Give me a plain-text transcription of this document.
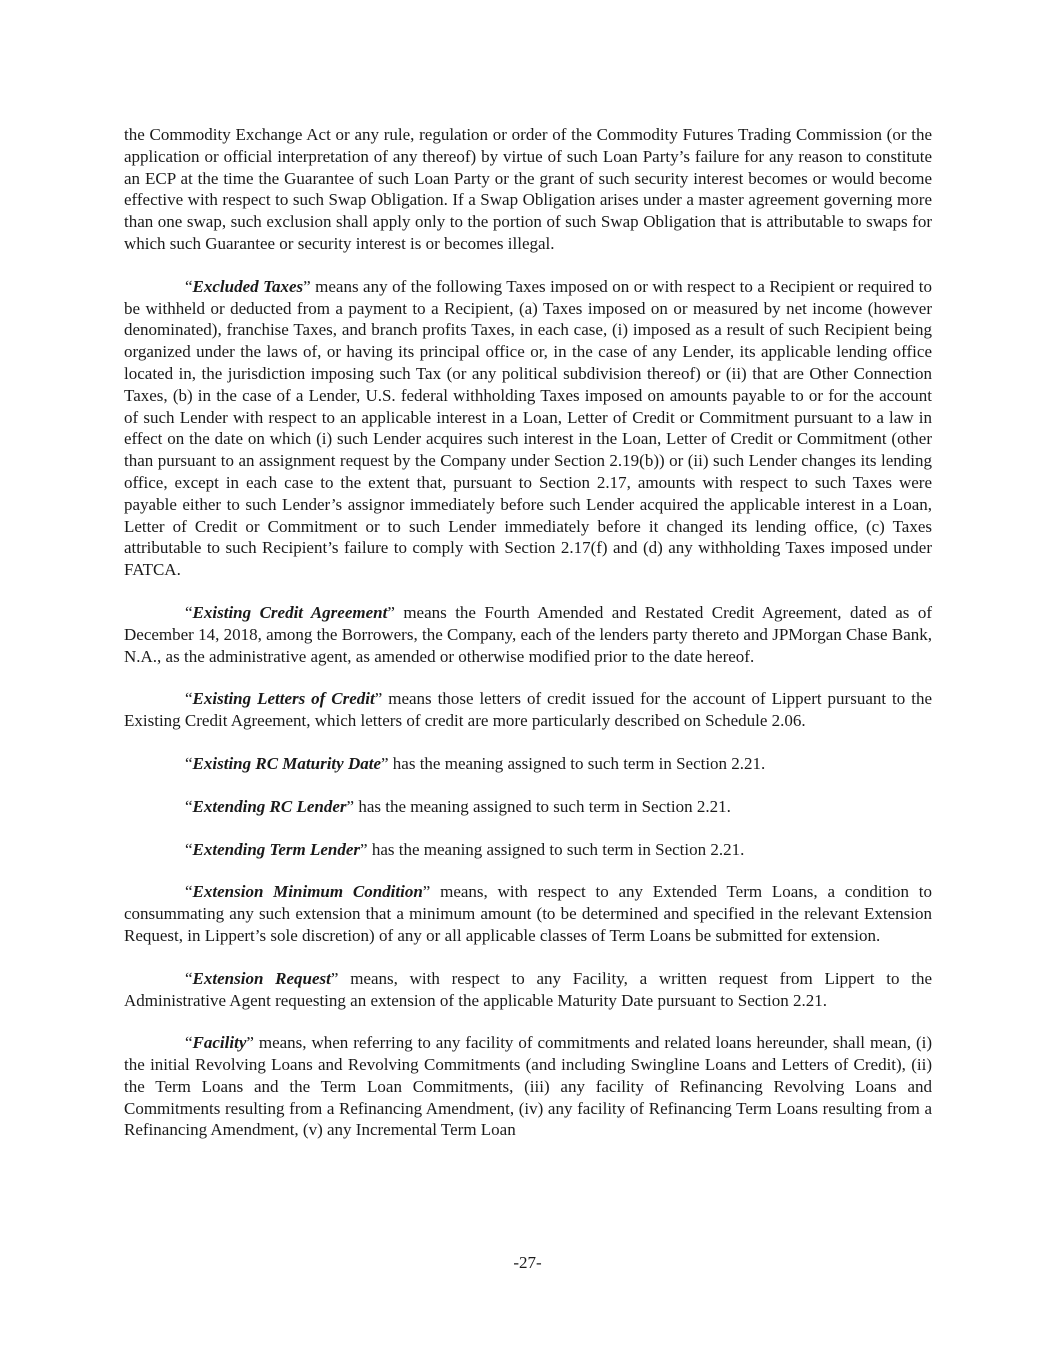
the Commodity Exchange Act or any rule, regulation or order of the Commodity Futures Trading Commission (or the application or official interpretation of any thereof) by virtue of such Loan Party’s failure for any reason to constitute an ECP at the time the Guarantee of such Loan Party or the grant of such security interest becomes or would become effective with respect to such Swap Obligation. If a Swap Obligation arises under a master agreement governing more than one swap, such exclusion shall apply only to the portion of such Swap Obligation that is attributable to swaps for which such Guarantee or security interest is or becomes illegal.

“Excluded Taxes” means any of the following Taxes imposed on or with respect to a Recipient or required to be withheld or deducted from a payment to a Recipient, (a) Taxes imposed on or measured by net income (however denominated), franchise Taxes, and branch profits Taxes, in each case, (i) imposed as a result of such Recipient being organized under the laws of, or having its principal office or, in the case of any Lender, its applicable lending office located in, the jurisdiction imposing such Tax (or any political subdivision thereof) or (ii) that are Other Connection Taxes, (b) in the case of a Lender, U.S. federal withholding Taxes imposed on amounts payable to or for the account of such Lender with respect to an applicable interest in a Loan, Letter of Credit or Commitment pursuant to a law in effect on the date on which (i) such Lender acquires such interest in the Loan, Letter of Credit or Commitment (other than pursuant to an assignment request by the Company under Section 2.19(b)) or (ii) such Lender changes its lending office, except in each case to the extent that, pursuant to Section 2.17, amounts with respect to such Taxes were payable either to such Lender’s assignor immediately before such Lender acquired the applicable interest in a Loan, Letter of Credit or Commitment or to such Lender immediately before it changed its lending office, (c) Taxes attributable to such Recipient’s failure to comply with Section 2.17(f) and (d) any withholding Taxes imposed under FATCA.

“Existing Credit Agreement” means the Fourth Amended and Restated Credit Agreement, dated as of December 14, 2018, among the Borrowers, the Company, each of the lenders party thereto and JPMorgan Chase Bank, N.A., as the administrative agent, as amended or otherwise modified prior to the date hereof.

“Existing Letters of Credit” means those letters of credit issued for the account of Lippert pursuant to the Existing Credit Agreement, which letters of credit are more particularly described on Schedule 2.06.

“Existing RC Maturity Date” has the meaning assigned to such term in Section 2.21.

“Extending RC Lender” has the meaning assigned to such term in Section 2.21.

“Extending Term Lender” has the meaning assigned to such term in Section 2.21.

“Extension Minimum Condition” means, with respect to any Extended Term Loans, a condition to consummating any such extension that a minimum amount (to be determined and specified in the relevant Extension Request, in Lippert’s sole discretion) of any or all applicable classes of Term Loans be submitted for extension.

“Extension Request” means, with respect to any Facility, a written request from Lippert to the Administrative Agent requesting an extension of the applicable Maturity Date pursuant to Section 2.21.

“Facility” means, when referring to any facility of commitments and related loans hereunder, shall mean, (i) the initial Revolving Loans and Revolving Commitments (and including Swingline Loans and Letters of Credit), (ii) the Term Loans and the Term Loan Commitments, (iii) any facility of Refinancing Revolving Loans and Commitments resulting from a Refinancing Amendment, (iv) any facility of Refinancing Term Loans resulting from a Refinancing Amendment, (v) any Incremental Term Loan

-27-
